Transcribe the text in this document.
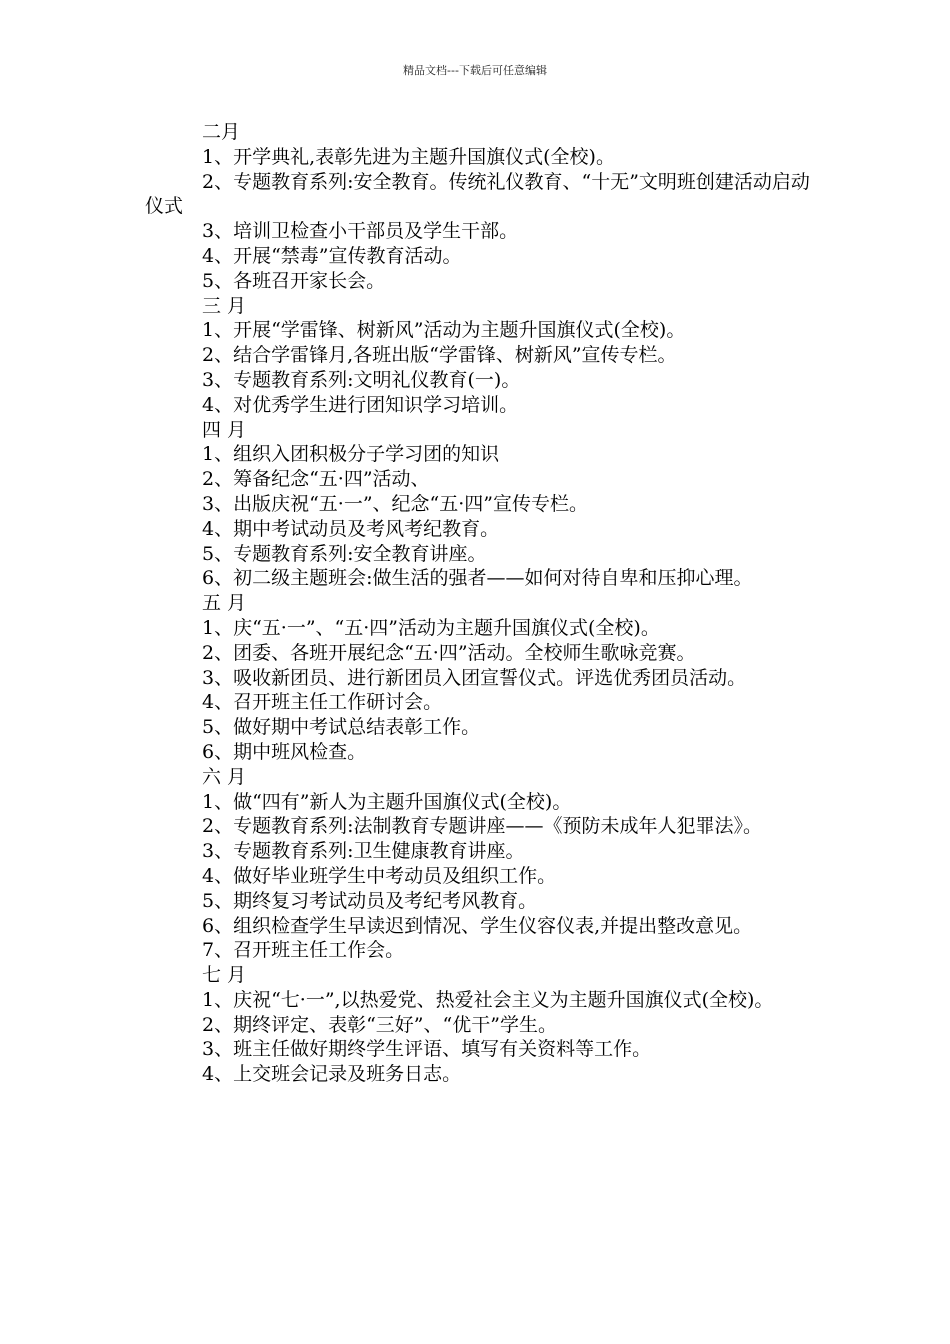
精品文档---下载后可任意编辑

二月

1、开学典礼,表彰先进为主题升国旗仪式(全校)。

2、专题教育系列:安全教育。传统礼仪教育、“十无”文明班创建活动启动仪式

3、培训卫检查小干部员及学生干部。

4、开展“禁毒”宣传教育活动。

5、各班召开家长会。

三 月

1、开展“学雷锋、树新风”活动为主题升国旗仪式(全校)。

2、结合学雷锋月,各班出版“学雷锋、树新风”宣传专栏。

3、专题教育系列:文明礼仪教育(一)。

4、对优秀学生进行团知识学习培训。

四 月

1、组织入团积极分子学习团的知识

2、筹备纪念“五·四”活动、

3、出版庆祝“五·一”、纪念“五·四”宣传专栏。

4、期中考试动员及考风考纪教育。

5、专题教育系列:安全教育讲座。

6、初二级主题班会:做生活的强者——如何对待自卑和压抑心理。

五 月

1、庆“五·一”、“五·四”活动为主题升国旗仪式(全校)。

2、团委、各班开展纪念“五·四”活动。全校师生歌咏竞赛。

3、吸收新团员、进行新团员入团宣誓仪式。评选优秀团员活动。

4、召开班主任工作研讨会。

5、做好期中考试总结表彰工作。

6、期中班风检查。

六 月

1、做“四有”新人为主题升国旗仪式(全校)。

2、专题教育系列:法制教育专题讲座——《预防未成年人犯罪法》。

3、专题教育系列:卫生健康教育讲座。

4、做好毕业班学生中考动员及组织工作。

5、期终复习考试动员及考纪考风教育。

6、组织检查学生早读迟到情况、学生仪容仪表,并提出整改意见。

7、召开班主任工作会。

七 月

1、庆祝“七·一”,以热爱党、热爱社会主义为主题升国旗仪式(全校)。

2、期终评定、表彰“三好”、“优干”学生。

3、班主任做好期终学生评语、填写有关资料等工作。

4、上交班会记录及班务日志。
